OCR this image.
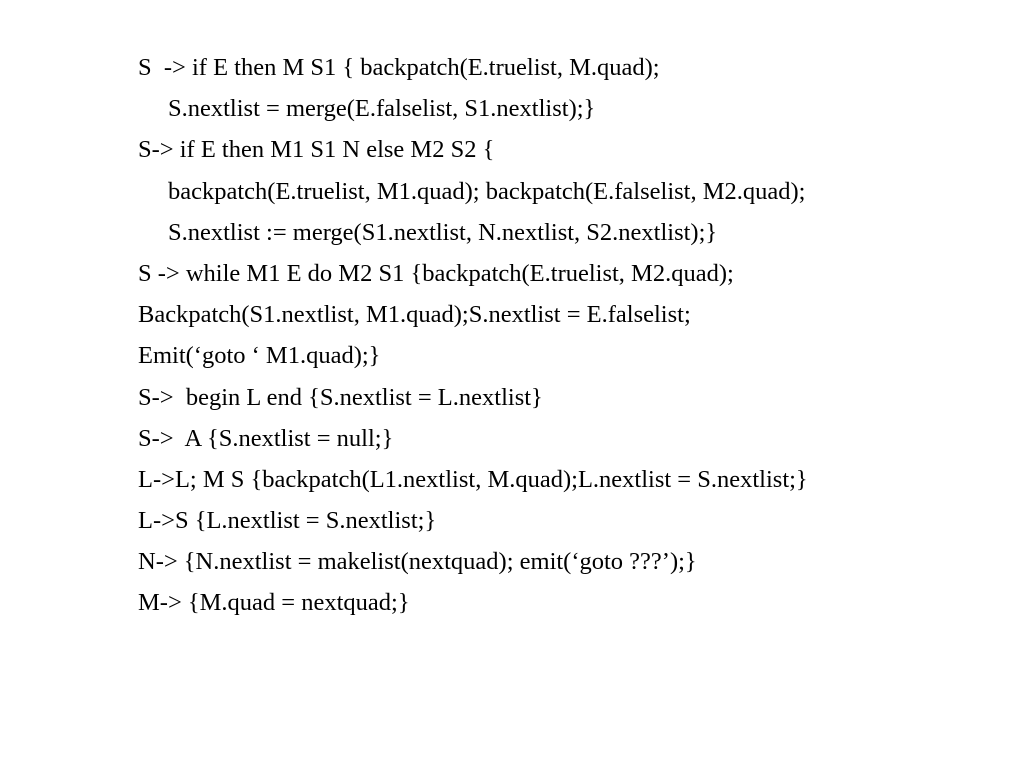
S  -> if E then M S1 { backpatch(E.truelist, M.quad);
S.nextlist = merge(E.falselist, S1.nextlist);}
S-> if E then M1 S1 N else M2 S2 {
backpatch(E.truelist, M1.quad); backpatch(E.falselist, M2.quad);
S.nextlist := merge(S1.nextlist, N.nextlist, S2.nextlist);}
S -> while M1 E do M2 S1 {backpatch(E.truelist, M2.quad);
Backpatch(S1.nextlist, M1.quad);S.nextlist = E.falselist;
Emit(‘goto ‘ M1.quad);}
S->  begin L end {S.nextlist = L.nextlist}
S->  A {S.nextlist = null;}
L->L; M S {backpatch(L1.nextlist, M.quad);L.nextlist = S.nextlist;}
L->S {L.nextlist = S.nextlist;}
N-> {N.nextlist = makelist(nextquad); emit(‘goto ???’);}
M-> {M.quad = nextquad;}
